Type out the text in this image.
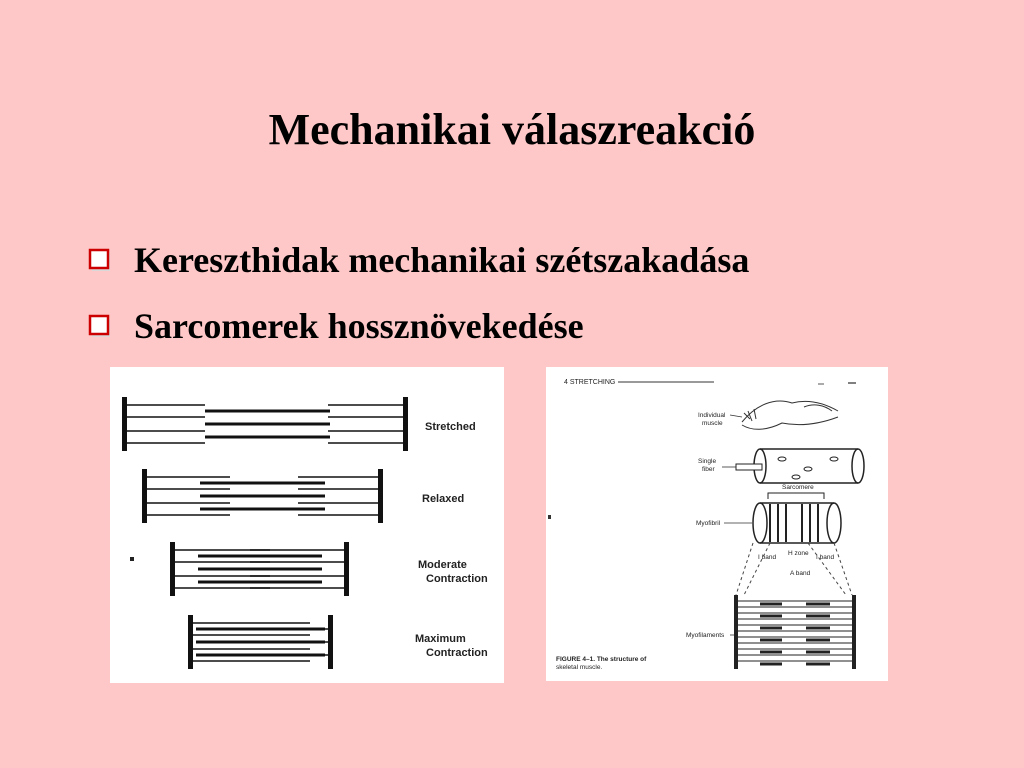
Mechanikai válaszreakció
Kereszthidak mechanikai szétszakadása
Sarcomerek hossznövekedése
Stretched
Relaxed
Moderate
Contraction
Maximum
Contraction
4 STRETCHING
Individual
muscle
Single
fiber
Sarcomere
Myofibril
I band
H zone
A band
I band
Myofilaments
FIGURE 4–1. The structure of
skeletal muscle.
